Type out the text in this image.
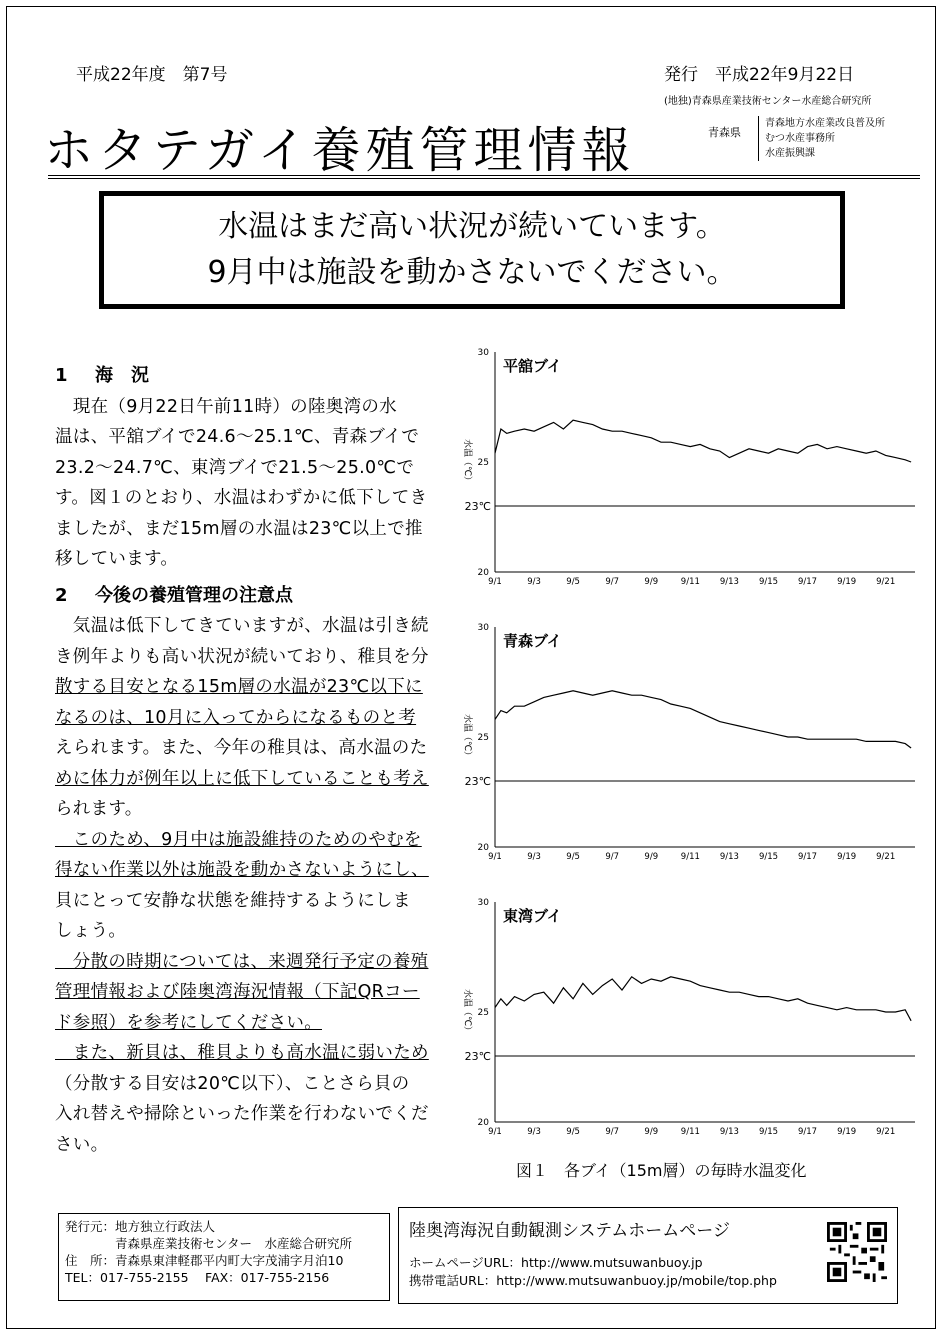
平成22年度　第7号	発行　平成22年9月22日
(地独)青森県産業技術センター水産総合研究所
ホタテガイ養殖管理情報	青森県
青森地方水産業改良普及所
むつ水産事務所
水産振興課
水温はまだ高い状況が続いています。
9月中は施設を動かさないでください。
1 海　況
　現在（9月22日午前11時）の陸奥湾の水
温は、平舘ブイで24.6～25.1℃、青森ブイで
23.2～24.7℃、東湾ブイで21.5～25.0℃で
す。図１のとおり、水温はわずかに低下してき
ましたが、まだ15m層の水温は23℃以上で推
移しています。
2 今後の養殖管理の注意点
　気温は低下してきていますが、水温は引き続
き例年よりも高い状況が続いており、稚貝を分
散する目安となる15m層の水温が23℃以下に
なるのは、10月に入ってからになるものと考
えられます。また、今年の稚貝は、高水温のた
めに体力が例年以上に低下していることも考え
られます。
　このため、9月中は施設維持のためのやむを
得ない作業以外は施設を動かさないようにし、
貝にとって安静な状態を維持するようにしま
しょう。
　分散の時期については、来週発行予定の養殖
管理情報および陸奥湾海況情報（下記QRコー
ド参照）を参考にしてください。
　また、新貝は、稚貝よりも高水温に弱いため
（分散する目安は20℃以下）、ことさら貝の
入れ替えや掃除といった作業を行わないでくだ
さい。
30
25
20
水温（℃）
23℃
9/1	9/3	9/5	9/7	9/9	9/11 9/13 9/15 9/17 9/19 9/21
平舘ブイ
30
25
20
水温（℃）
23℃
9/1	9/3	9/5	9/7	9/9	9/11 9/13 9/15 9/17 9/19 9/21
青森ブイ
30
25
20
水温（℃）
23℃
9/1	9/3	9/5	9/7	9/9	9/11 9/13 9/15 9/17 9/19 9/21
東湾ブイ
図１　各ブイ（15m層）の毎時水温変化
発行元：地方独立行政法人
　　　　青森県産業技術センター　水産総合研究所
住　所：青森県東津軽郡平内町大字茂浦字月泊10
TEL：017-755-2155　 FAX：017-755-2156
陸奥湾海況自動観測システムホームページ
ホームページURL：http://www.mutsuwanbuoy.jp
携帯電話URL：http://www.mutsuwanbuoy.jp/mobile/top.php
